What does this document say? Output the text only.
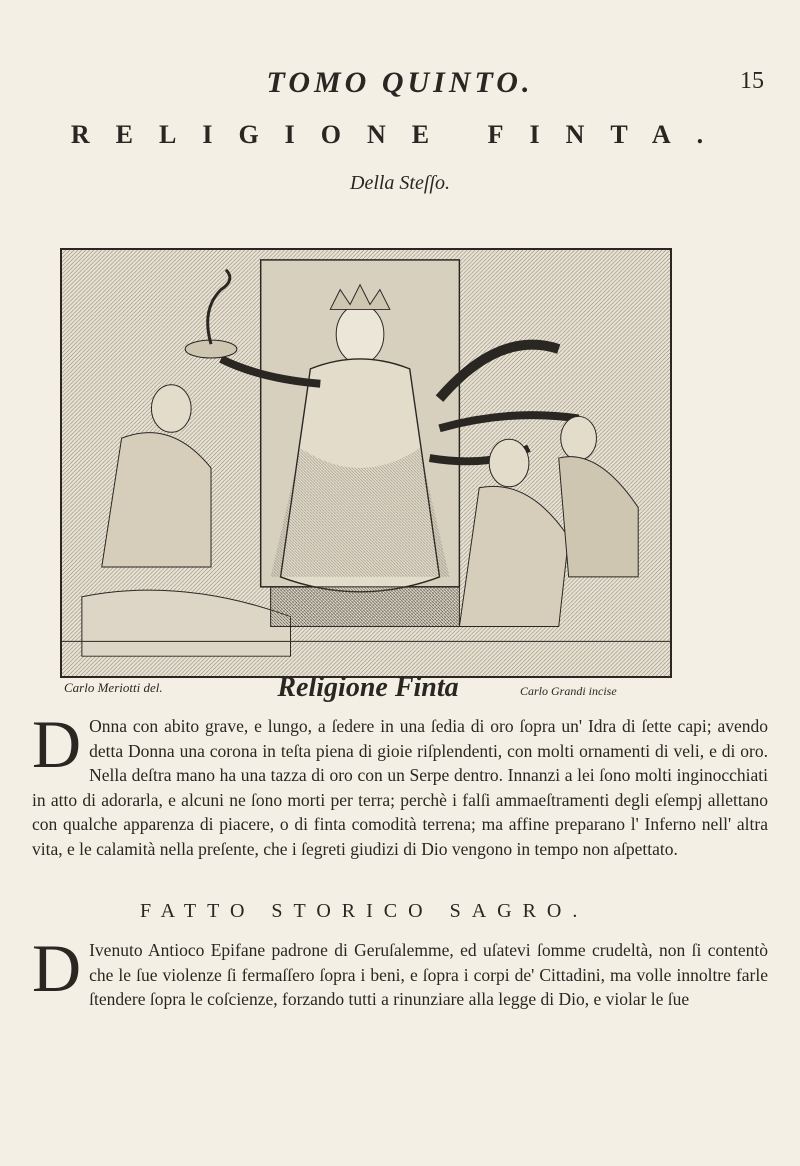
TOMO QUINTO.	15
RELIGIONE FINTA.
Della Steſſo.
Carlo Meriotti del.	Religione Finta	Carlo Grandi incise
D Onna con abito grave, e lungo, a ſedere in una ſedia di oro ſopra un' Idra di ſette capi; avendo detta Donna una corona in teſta piena di gioie riſplendenti, con molti ornamenti di veli, e di oro. Nella deſtra mano ha una tazza di oro con un Serpe dentro. Innanzi a lei ſono molti inginocchiati in atto di adorarla, e alcuni ne ſono morti per terra; perchè i falſi ammaeſtramenti degli eſempj allettano con qualche apparenza di piacere, o di finta comodità terrena; ma affine preparano l' Inferno nell' altra vita, e le calamità nella preſente, che i ſegreti giudizi di Dio vengono in tempo non aſpettato.
FATTO STORICO SAGRO.
D Ivenuto Antioco Epifane padrone di Geruſalemme, ed uſatevi ſomme crudeltà, non ſi contentò che le ſue violenze ſi fermaſſero ſopra i beni, e ſopra i corpi de' Cittadini, ma volle innoltre farle ſtendere ſopra le coſcienze, forzando tutti a rinunziare alla legge di Dio, e violar le ſue
